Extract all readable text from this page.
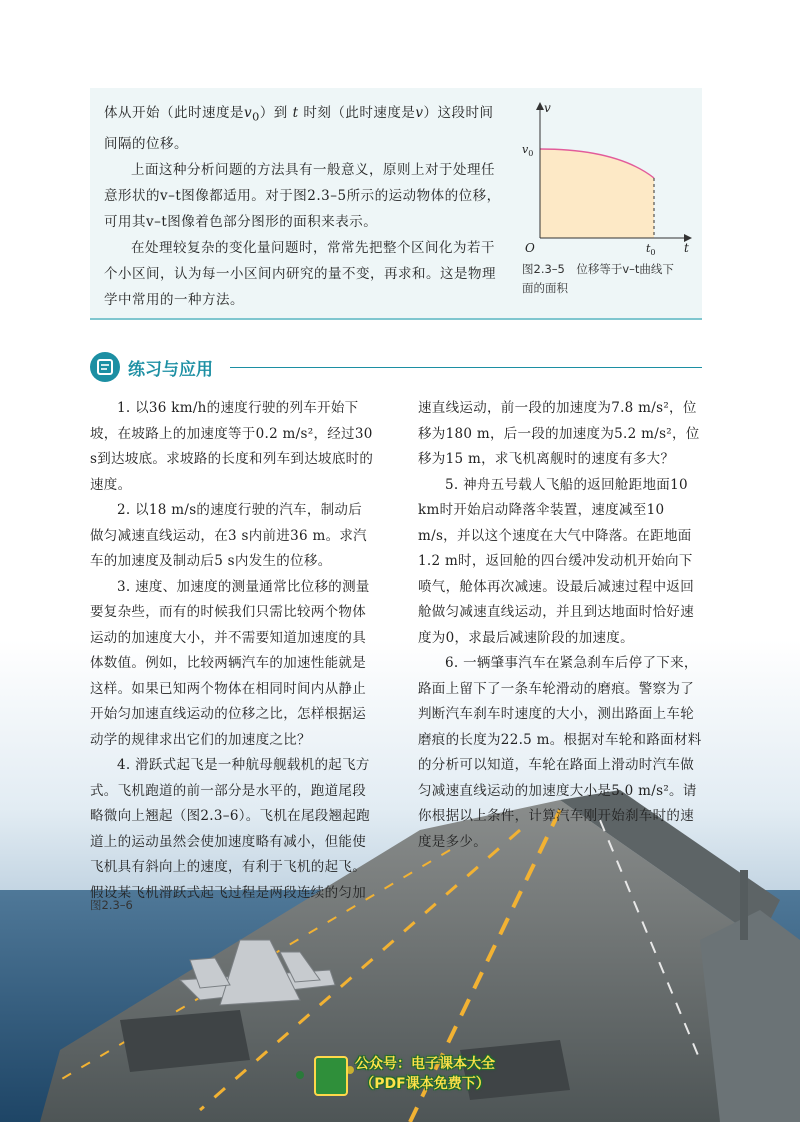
体从开始（此时速度是$v_0$）到 t 时刻（此时速度是v）这段时间间隔的位移。

上面这种分析问题的方法具有一般意义，原则上对于处理任意形状的v–t图像都适用。对于图2.3–5所示的运动物体的位移，可用其v–t图像着色部分图形的面积来表示。

在处理较复杂的变化量问题时，常常先把整个区间化为若干个小区间，认为每一小区间内研究的量不变，再求和。这是物理学中常用的一种方法。

v
t
O
$v_0$
$t_0$
图2.3–5　位移等于v–t曲线下
面的面积
练习与应用

1. 以36 km/h的速度行驶的列车开始下坡，在坡路上的加速度等于0.2 m/s²，经过30 s到达坡底。求坡路的长度和列车到达坡底时的速度。

2. 以18 m/s的速度行驶的汽车，制动后做匀减速直线运动，在3 s内前进36 m。求汽车的加速度及制动后5 s内发生的位移。

3. 速度、加速度的测量通常比位移的测量要复杂些，而有的时候我们只需比较两个物体运动的加速度大小，并不需要知道加速度的具体数值。例如，比较两辆汽车的加速性能就是这样。如果已知两个物体在相同时间内从静止开始匀加速直线运动的位移之比，怎样根据运动学的规律求出它们的加速度之比？

4. 滑跃式起飞是一种航母舰载机的起飞方式。飞机跑道的前一部分是水平的，跑道尾段略微向上翘起（图2.3–6）。飞机在尾段翘起跑道上的运动虽然会使加速度略有减小，但能使飞机具有斜向上的速度，有利于飞机的起飞。假设某飞机滑跃式起飞过程是两段连续的匀加

速直线运动，前一段的加速度为7.8 m/s²，位移为180 m，后一段的加速度为5.2 m/s²，位移为15 m，求飞机离舰时的速度有多大？

5. 神舟五号载人飞船的返回舱距地面10 km时开始启动降落伞装置，速度减至10 m/s，并以这个速度在大气中降落。在距地面1.2 m时，返回舱的四台缓冲发动机开始向下喷气，舱体再次减速。设最后减速过程中返回舱做匀减速直线运动，并且到达地面时恰好速度为0，求最后减速阶段的加速度。

6. 一辆肇事汽车在紧急刹车后停了下来，路面上留下了一条车轮滑动的磨痕。警察为了判断汽车刹车时速度的大小，测出路面上车轮磨痕的长度为22.5 m。根据对车轮和路面材料的分析可以知道，车轮在路面上滑动时汽车做匀减速直线运动的加速度大小是5.0 m/s²。请你根据以上条件，计算汽车刚开始刹车时的速度是多少。

图2.3–6
公众号：电子课本大全
（PDF课本免费下）
